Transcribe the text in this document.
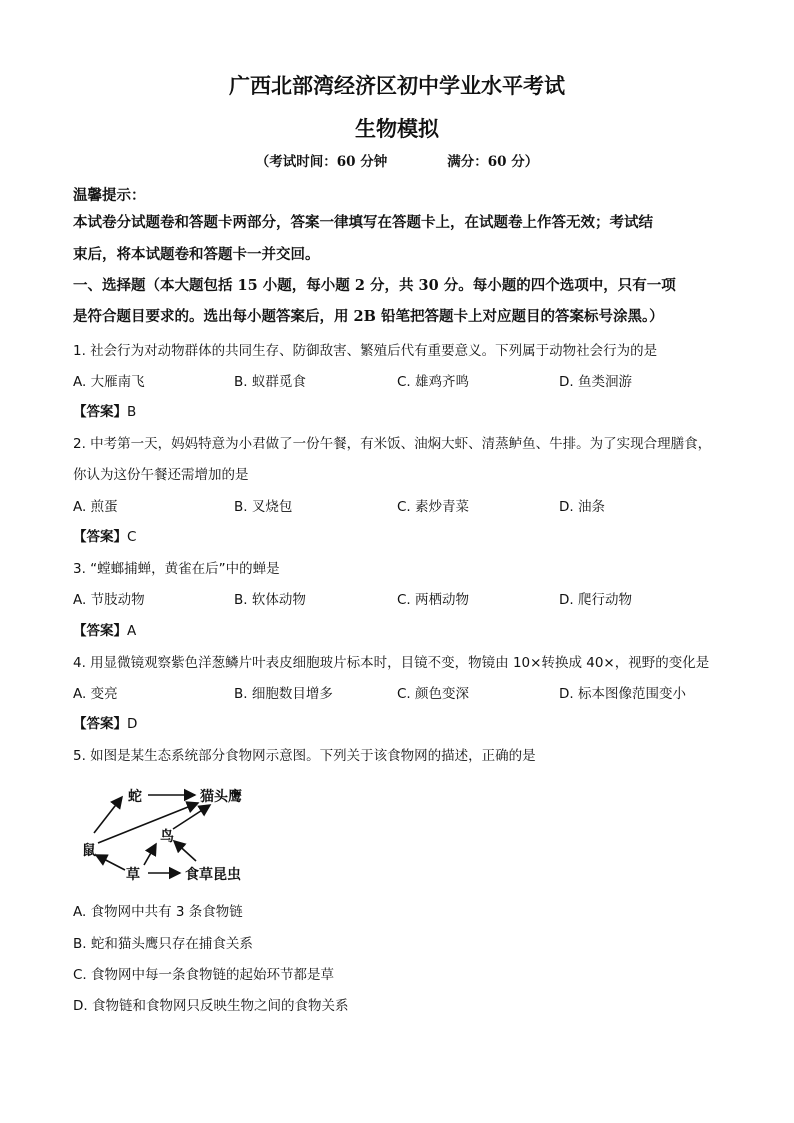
广西北部湾经济区初中学业水平考试
生物模拟
（考试时间：60 分钟	满分：60 分）
温馨提示：
本试卷分试题卷和答题卡两部分，答案一律填写在答题卡上，在试题卷上作答无效；考试结
束后，将本试题卷和答题卡一并交回。
一、选择题（本大题包括 15 小题，每小题 2 分，共 30 分。每小题的四个选项中，只有一项
是符合题目要求的。选出每小题答案后，用 2B 铅笔把答题卡上对应题目的答案标号涂黑。）
1. 社会行为对动物群体的共同生存、防御敌害、繁殖后代有重要意义。下列属于动物社会行为的是
A. 大雁南飞	B. 蚁群觅食	C. 雄鸡齐鸣	D. 鱼类洄游
【答案】B
2. 中考第一天，妈妈特意为小君做了一份午餐，有米饭、油焖大虾、清蒸鲈鱼、牛排。为了实现合理膳食，
你认为这份午餐还需增加的是
A. 煎蛋	B. 叉烧包	C. 素炒青菜	D. 油条
【答案】C
3. “螳螂捕蝉，黄雀在后”中的蝉是
A. 节肢动物	B. 软体动物	C. 两栖动物	D. 爬行动物
【答案】A
4. 用显微镜观察紫色洋葱鳞片叶表皮细胞玻片标本时，目镜不变，物镜由 10×转换成 40×，视野的变化是
A. 变亮	B. 细胞数目增多	C. 颜色变深	D. 标本图像范围变小
【答案】D
5. 如图是某生态系统部分食物网示意图。下列关于该食物网的描述，正确的是
蛇	猫头鹰
鸟
鼠
草	食草昆虫
A. 食物网中共有 3 条食物链
B. 蛇和猫头鹰只存在捕食关系
C. 食物网中每一条食物链的起始环节都是草
D. 食物链和食物网只反映生物之间的食物关系
